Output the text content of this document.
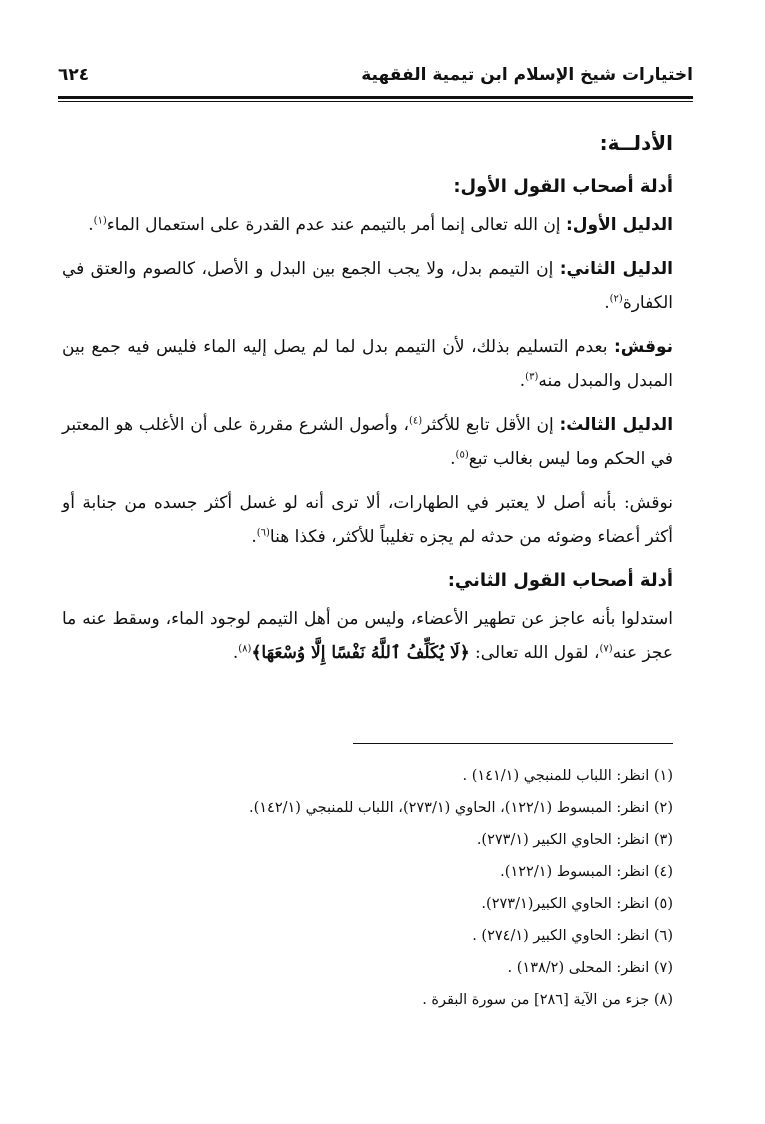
اختيارات شيخ الإسلام ابن تيمية الفقهية
٦٢٤
الأدلــة:
أدلة أصحاب القول الأول:

الدليل الأول: إن الله تعالى إنما أمر بالتيمم عند عدم القدرة على استعمال الماء$^{(١)}$.

الدليل الثاني: إن التيمم بدل، ولا يجب الجمع بين البدل و الأصل، كالصوم والعتق في الكفارة$^{(٢)}$.

نوقش: بعدم التسليم بذلك، لأن التيمم بدل لما لم يصل إليه الماء فليس فيه جمع بين المبدل والمبدل منه$^{(٣)}$.

الدليل الثالث: إن الأقل تابع للأكثر$^{(٤)}$، وأصول الشرع مقررة على أن الأغلب هو المعتبر في الحكم وما ليس بغالب تبع$^{(٥)}$.

نوقش: بأنه أصل لا يعتبر في الطهارات، ألا ترى أنه لو غسل أكثر جسده من جنابة أو أكثر أعضاء وضوئه من حدثه لم يجزه تغليباً للأكثر، فكذا هنا$^{(٦)}$.

أدلة أصحاب القول الثاني:

استدلوا بأنه عاجز عن تطهير الأعضاء، وليس من أهل التيمم لوجود الماء، وسقط عنه ما عجز عنه$^{(٧)}$، لقول الله تعالى: ﴿لَا يُكَلِّفُ ٱللَّهُ نَفْسًا إِلَّا وُسْعَهَا﴾$^{(٨)}$.

(١) انظر: اللباب للمنبجي (١٤١/١) .
(٢) انظر: المبسوط (١٢٢/١)، الحاوي (٢٧٣/١)، اللباب للمنبجي (١٤٢/١).
(٣) انظر: الحاوي الكبير (٢٧٣/١).
(٤) انظر: المبسوط (١٢٢/١).
(٥) انظر: الحاوي الكبير(٢٧٣/١).
(٦) انظر: الحاوي الكبير (٢٧٤/١) .
(٧) انظر: المحلى (١٣٨/٢) .
(٨) جزء من الآية [٢٨٦] من سورة البقرة .
